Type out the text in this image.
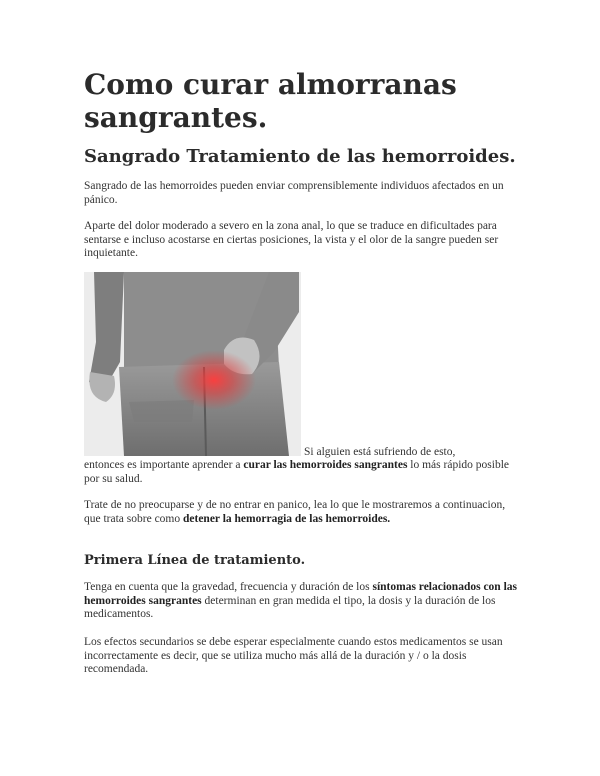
Como curar almorranas sangrantes.
Sangrado Tratamiento de las hemorroides.

Sangrado de las hemorroides pueden enviar comprensiblemente individuos afectados en un pánico.

Aparte del dolor moderado a severo en la zona anal, lo que se traduce en dificultades para sentarse e incluso acostarse en ciertas posiciones, la vista y el olor de la sangre pueden ser inquietante.

Si alguien está sufriendo de esto,

entonces es importante aprender a curar las hemorroides sangrantes lo más rápido posible por su salud.

Trate de no preocuparse y de no entrar en panico, lea lo que le mostraremos a continuacion, que trata sobre como detener la hemorragia de las hemorroides.

Primera Línea de tratamiento.

Tenga en cuenta que la gravedad, frecuencia y duración de los síntomas relacionados con las hemorroides sangrantes determinan en gran medida el tipo, la dosis y la duración de los medicamentos.

Los efectos secundarios se debe esperar especialmente cuando estos medicamentos se usan incorrectamente es decir, que se utiliza mucho más allá de la duración y / o la dosis recomendada.
